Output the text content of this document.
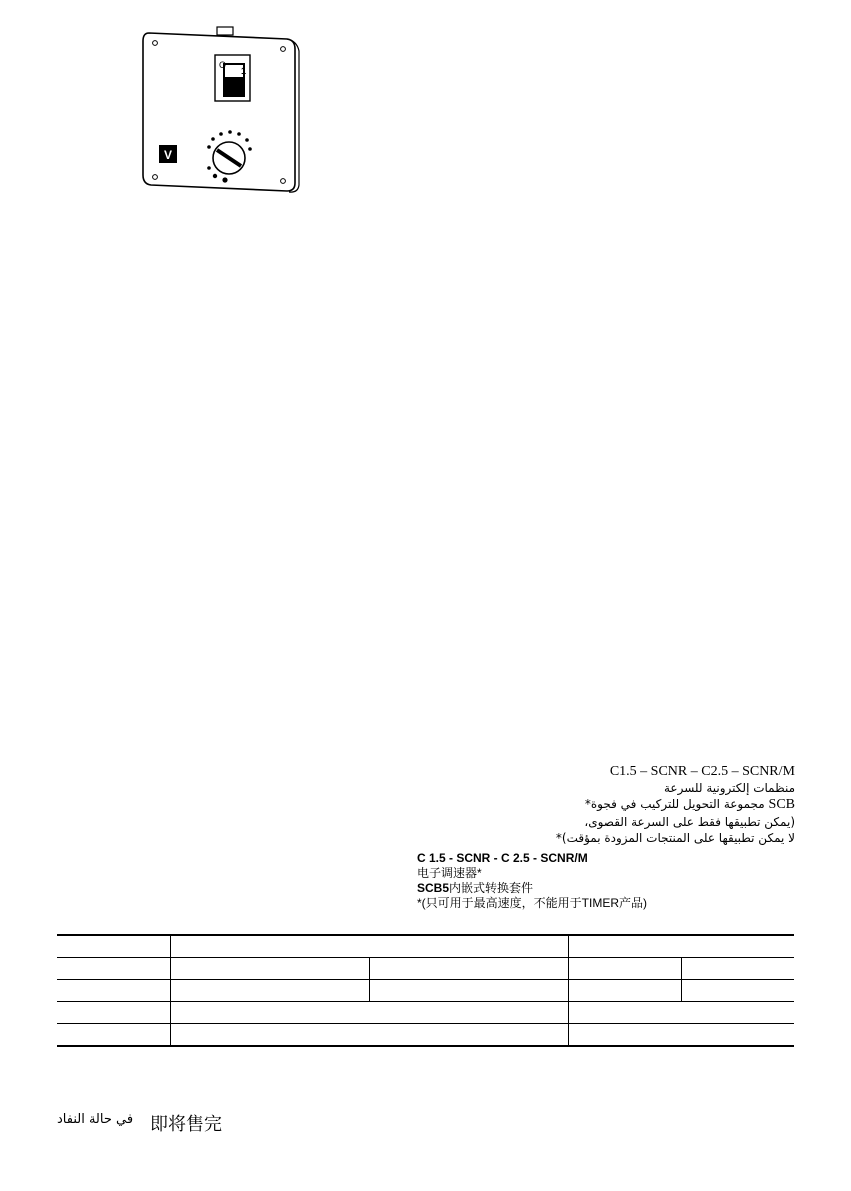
O
1
V
C1.5 – SCNR – C2.5 – SCNR/M
منظمات إلكترونية للسرعة
SCB مجموعة التحويل للتركيب في فجوة*
(يمكن تطبيقها فقط على السرعة القصوى،
لا يمكن تطبيقها على المنتجات المزودة بمؤقت)*
C 1.5 - SCNR - C 2.5 - SCNR/M
电子调速器*
SCB5内嵌式转换套件
*(只可用于最高速度，不能用于TIMER产品)

في حالة النفاد 即将售完
